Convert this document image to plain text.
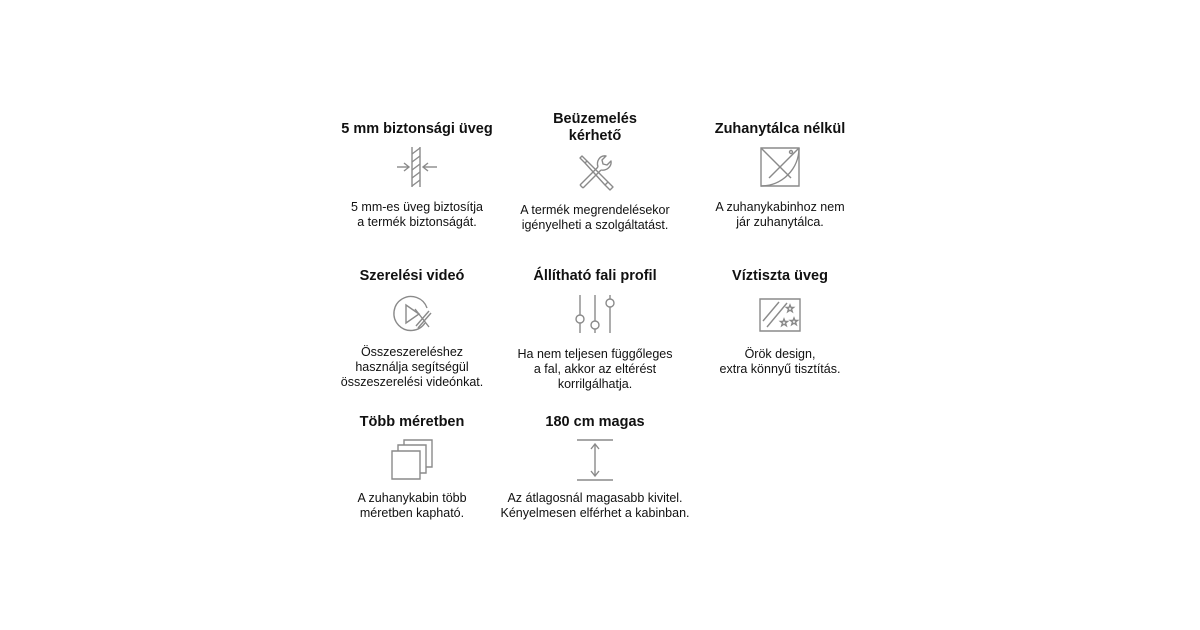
5 mm biztonsági üveg
5 mm-es üveg biztosítja
a termék biztonságát.
Beüzemelés
kérhető
A termék megrendelésekor
igényelheti a szolgáltatást.
Zuhanytálca nélkül
A zuhanykabinhoz nem
jár zuhanytálca.
Szerelési videó
Összeszereléshez
használja segítségül
összeszerelési videónkat.
Állítható fali profil
Ha nem teljesen függőleges
a fal, akkor az eltérést
korrilgálhatja.
Víztiszta üveg
Örök design,
extra könnyű tisztítás.
Több méretben
A zuhanykabin több
méretben kapható.
180 cm magas
Az átlagosnál magasabb kivitel.
Kényelmesen elférhet a kabinban.
